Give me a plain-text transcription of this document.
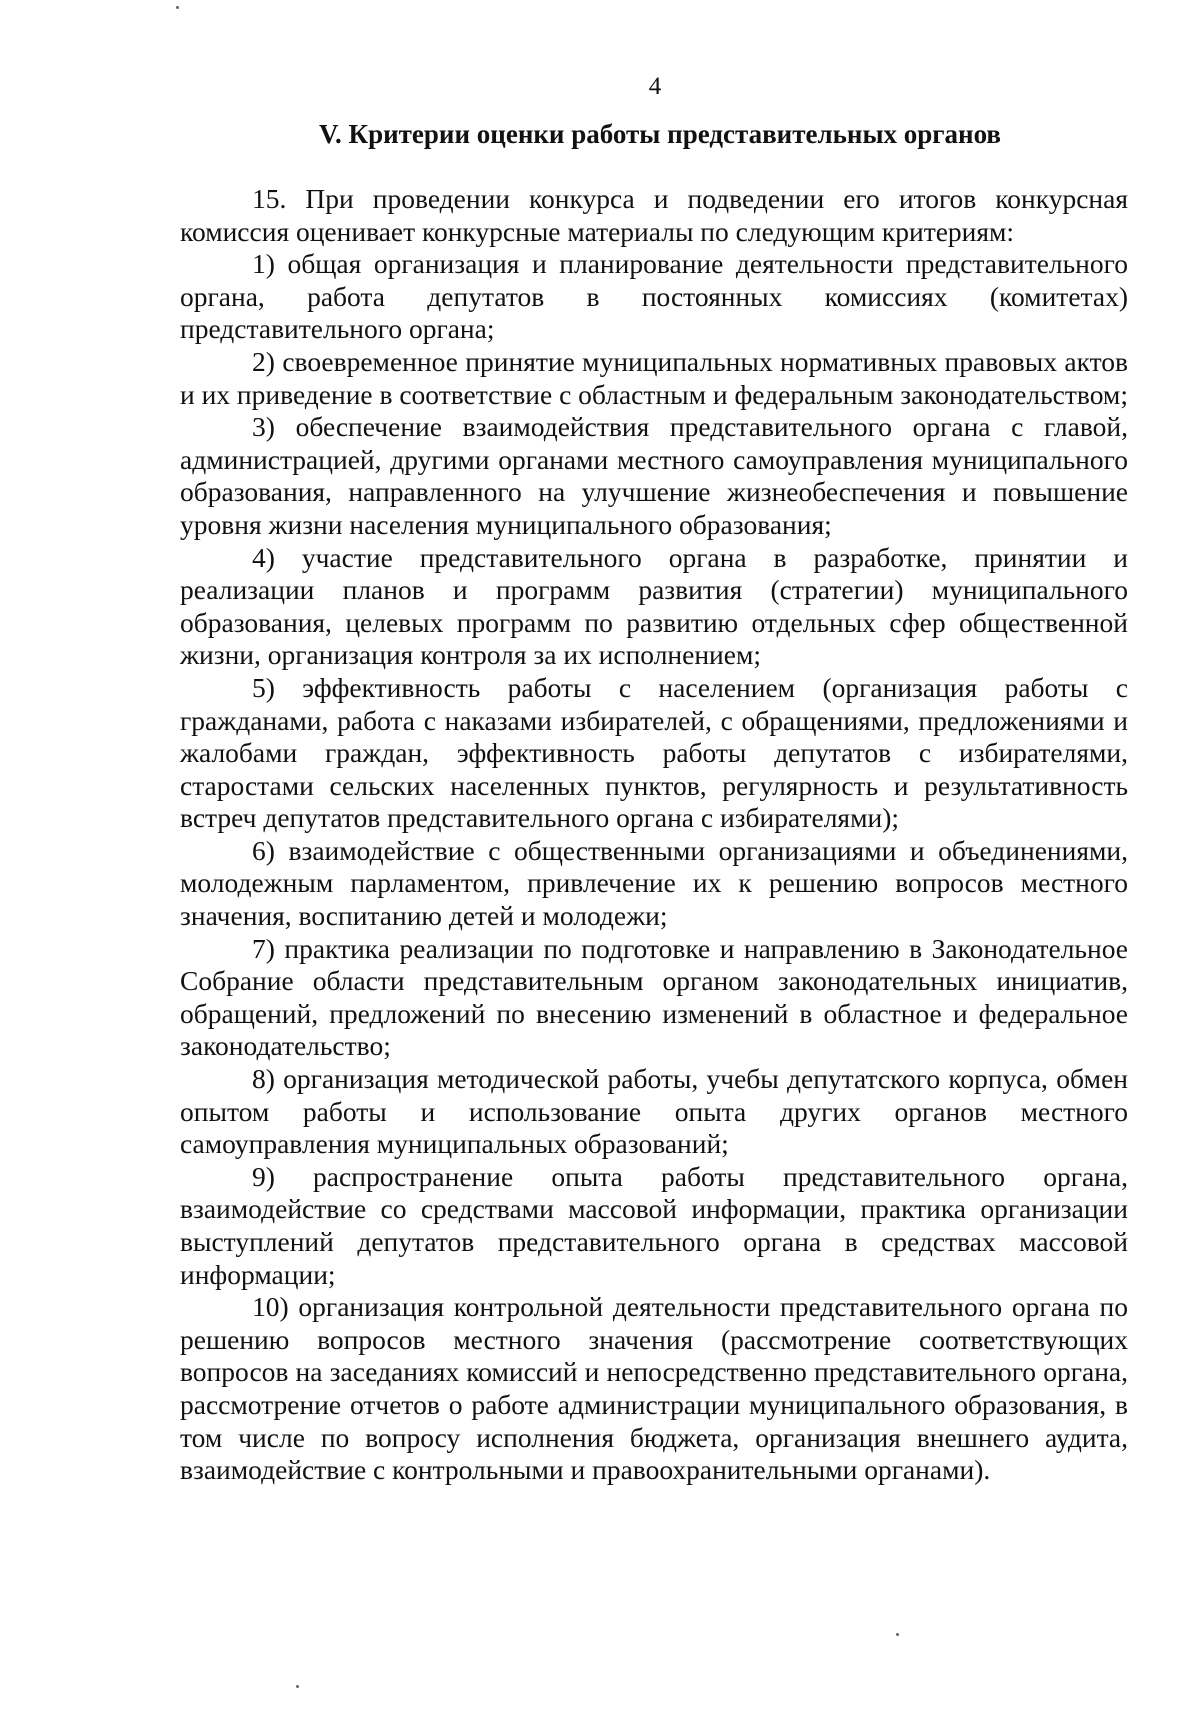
4
V. Критерии оценки работы представительных органов

15. При проведении конкурса и подведении его итогов конкурсная комиссия оценивает конкурсные материалы по следующим критериям:

1) общая организация и планирование деятельности представительного органа, работа депутатов в постоянных комиссиях (комитетах) представительного органа;

2) своевременное принятие муниципальных нормативных правовых актов и их приведение в соответствие с областным и федеральным законодательством;

3) обеспечение взаимодействия представительного органа с главой, администрацией, другими органами местного самоуправления муниципального образования, направленного на улучшение жизнеобеспечения и повышение уровня жизни населения муниципального образования;

4) участие представительного органа в разработке, принятии и реализации планов и программ развития (стратегии) муниципального образования, целевых программ по развитию отдельных сфер общественной жизни, организация контроля за их исполнением;

5) эффективность работы с населением (организация работы с гражданами, работа с наказами избирателей, с обращениями, предложениями и жалобами граждан, эффективность работы депутатов с избирателями, старостами сельских населенных пунктов, регулярность и результативность встреч депутатов представительного органа с избирателями);

6) взаимодействие с общественными организациями и объединениями, молодежным парламентом, привлечение их к решению вопросов местного значения, воспитанию детей и молодежи;

7) практика реализации по подготовке и направлению в Законодательное Собрание области представительным органом законодательных инициатив, обращений, предложений по внесению изменений в областное и федеральное законодательство;

8) организация методической работы, учебы депутатского корпуса, обмен опытом работы и использование опыта других органов местного самоуправления муниципальных образований;

9) распространение опыта работы представительного органа, взаимодействие со средствами массовой информации, практика организации выступлений депутатов представительного органа в средствах массовой информации;

10) организация контрольной деятельности представительного органа по решению вопросов местного значения (рассмотрение соответствующих вопросов на заседаниях комиссий и непосредственно представительного органа, рассмотрение отчетов о работе администрации муниципального образования, в том числе по вопросу исполнения бюджета, организация внешнего аудита, взаимодействие с контрольными и правоохранительными органами).
